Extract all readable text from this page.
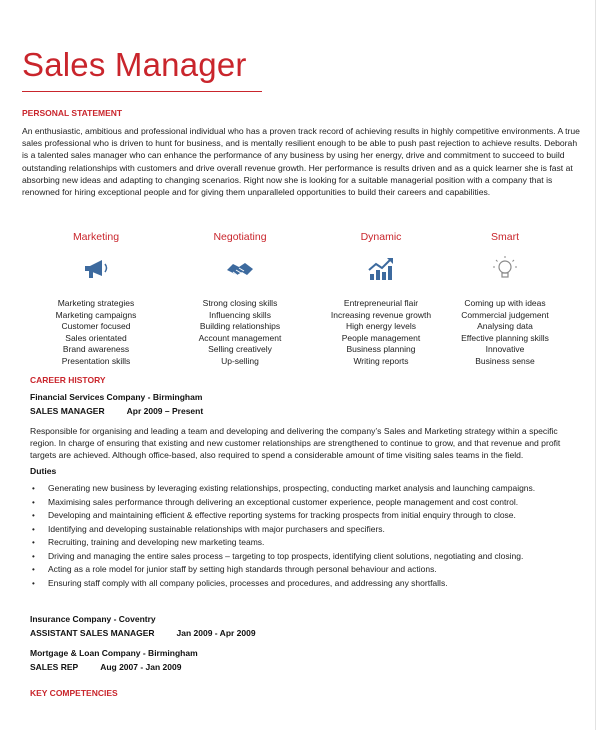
Sales Manager
PERSONAL STATEMENT
An enthusiastic, ambitious and professional individual who has a proven track record of achieving results in highly competitive environments. A true sales professional who is driven to hunt for business, and is mentally resilient enough to be able to push past rejection to achieve results. Deborah is a talented sales manager who can enhance the performance of any business by using her energy, drive and commitment to succeed to build outstanding relationships with customers and drive overall revenue growth. Her performance is results driven and as a quick learner she is fast at absorbing new ideas and adapting to changing scenarios. Right now she is looking for a suitable managerial position with a company that is renowned for hiring exceptional people and for giving them unparalleled opportunities to build their careers and capabilities.
Marketing
Marketing strategies
Marketing campaigns
Customer focused
Sales orientated
Brand awareness
Presentation skills
Negotiating
Strong closing skills
Influencing skills
Building relationships
Account management
Selling creatively
Up-selling
Dynamic
Entrepreneurial flair
Increasing revenue growth
High energy levels
People management
Business planning
Writing reports
Smart
Coming up with ideas
Commercial judgement
Analysing data
Effective planning skills
Innovative
Business sense
CAREER HISTORY
Financial Services Company - Birmingham
SALES MANAGER	Apr 2009 – Present
Responsible for organising and leading a team and developing and delivering the company’s Sales and Marketing strategy within a specific region. In charge of ensuring that existing and new customer relationships are strengthened to continue to grow, and that revenue and profit targets are achieved. Although office-based, also required to spend a considerable amount of time visiting sales teams in the field.
Duties
• Generating new business by leveraging existing relationships, prospecting, conducting market analysis and launching campaigns.
• Maximising sales performance through delivering an exceptional customer experience, people management and cost control.
• Developing and maintaining efficient & effective reporting systems for tracking prospects from initial enquiry through to close.
• Identifying and developing sustainable relationships with major purchasers and specifiers.
• Recruiting, training and developing new marketing teams.
• Driving and managing the entire sales process – targeting to top prospects, identifying client solutions, negotiating and closing.
• Acting as a role model for junior staff by setting high standards through personal behaviour and actions.
• Ensuring staff comply with all company policies, processes and procedures, and addressing any shortfalls.
Insurance Company - Coventry
ASSISTANT SALES MANAGER	Jan 2009 - Apr 2009
Mortgage & Loan Company - Birmingham
SALES REP	Aug 2007 - Jan 2009
KEY COMPETENCIES
